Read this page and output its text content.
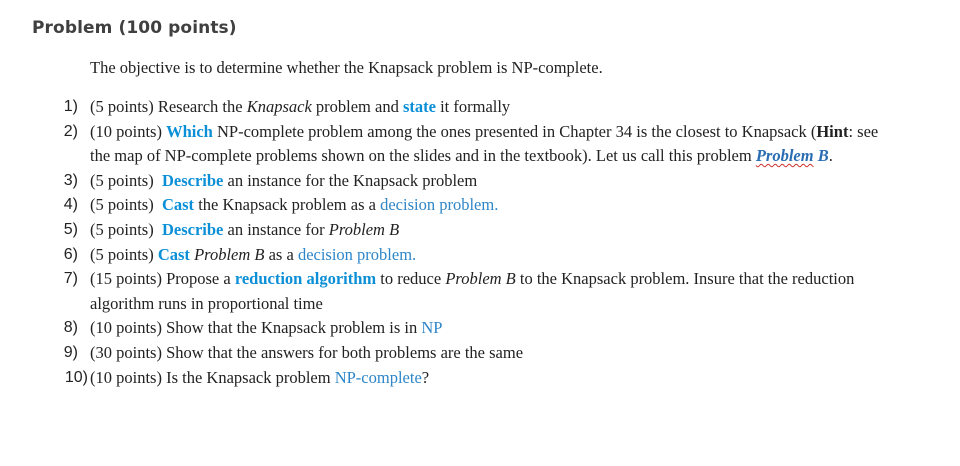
Problem (100 points)
The objective is to determine whether the Knapsack problem is NP-complete.
1) (5 points) Research the Knapsack problem and state it formally
2) (10 points) Which NP-complete problem among the ones presented in Chapter 34 is the closest to Knapsack (Hint: see the map of NP-complete problems shown on the slides and in the textbook). Let us call this problem Problem B.
3) (5 points)  Describe an instance for the Knapsack problem
4) (5 points)  Cast the Knapsack problem as a decision problem.
5) (5 points)  Describe an instance for Problem B
6) (5 points) Cast Problem B as a decision problem.
7) (15 points) Propose a reduction algorithm to reduce Problem B to the Knapsack problem. Insure that the reduction algorithm runs in proportional time
8) (10 points) Show that the Knapsack problem is in NP
9) (30 points) Show that the answers for both problems are the same
10) (10 points) Is the Knapsack problem NP-complete?
